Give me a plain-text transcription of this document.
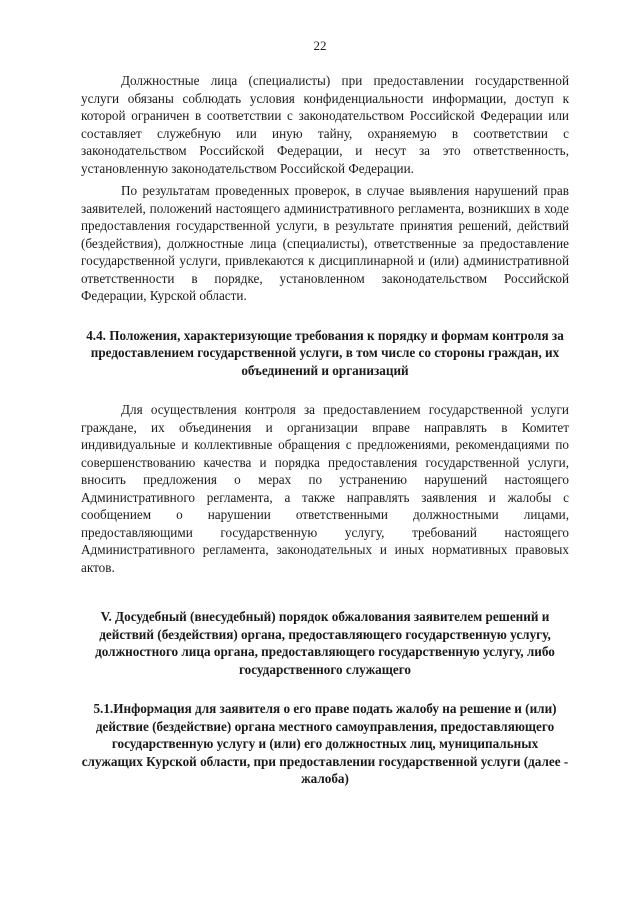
22

Должностные лица (специалисты) при предоставлении государственной услуги обязаны соблюдать условия конфиденциальности информации, доступ к которой ограничен в соответствии с законодательством Российской Федерации или составляет служебную или иную тайну, охраняемую в соответствии с законодательством Российской Федерации, и несут за это ответственность, установленную законодательством Российской Федерации.

По результатам проведенных проверок, в случае выявления нарушений прав заявителей, положений настоящего административного регламента, возникших в ходе предоставления государственной услуги, в результате принятия решений, действий (бездействия), должностные лица (специалисты), ответственные за предоставление государственной услуги, привлекаются к дисциплинарной и (или) административной ответственности в порядке, установленном законодательством Российской Федерации, Курской области.

4.4. Положения, характеризующие требования к порядку и формам контроля за предоставлением государственной услуги, в том числе со стороны граждан, их объединений и организаций

Для осуществления контроля за предоставлением государственной услуги граждане, их объединения и организации вправе направлять в Комитет индивидуальные и коллективные обращения с предложениями, рекомендациями по совершенствованию качества и порядка предоставления государственной услуги, вносить предложения о мерах по устранению нарушений настоящего Административного регламента, а также направлять заявления и жалобы с сообщением о нарушении ответственными должностными лицами, предоставляющими государственную услугу, требований настоящего Административного регламента, законодательных и иных нормативных правовых актов.

V. Досудебный (внесудебный) порядок обжалования заявителем решений и действий (бездействия) органа, предоставляющего государственную услугу, должностного лица органа, предоставляющего государственную услугу, либо государственного служащего

5.1.Информация для заявителя о его праве подать жалобу на решение и (или) действие (бездействие) органа местного самоуправления, предоставляющего государственную услугу и (или) его должностных лиц, муниципальных служащих Курской области, при предоставлении государственной услуги (далее - жалоба)
